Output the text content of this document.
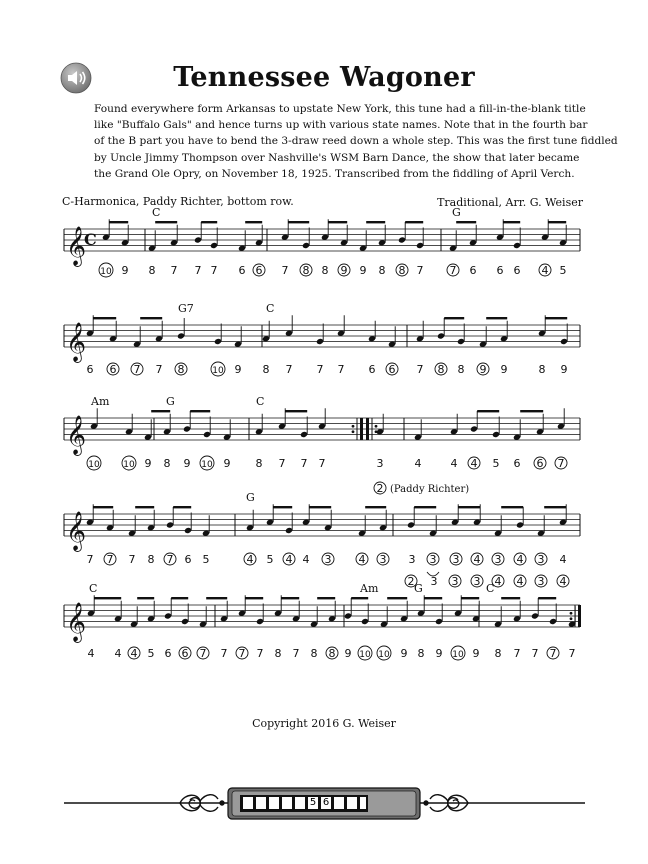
Tennessee Wagoner
Found everywhere form Arkansas to upstate New York, this tune had a fill-in-the-blank title
like "Buffalo Gals" and hence turns up with various state names. Note that in the fourth bar
of the B part you have to bend the 3-draw reed down a whole step. This was the first tune fiddled
by Uncle Jimmy Thompson over Nashville's WSM Barn Dance, the show that later became
the Grand Ole Opry, on November 18, 1925. Transcribed from the fiddling of April Verch.
C-Harmonica, Paddy Richter, bottom row.	Traditional, Arr. G. Weiser
𝄞
C
𝄞
𝄞
𝄞
𝄞
C	G
G7	C
Am	G	C
G
C	Am	G	C
10 9 8 7 7 7 6 6 7 8 8 9 9 8 8 7 7 6 6 6 4 5
6 6 7 7 8	10 9 8 7 7 7 6 6 7 8 8 9 9	8 9
10	10 9 8 9 10 9 8 7 7 7	3	4	4 4 5 6 6 7
7 7 7 8 7 6 5	4 5 4 4 3 4 3 3 3 3 4 3 4 3 4
2 3 3 3 4 4 3 4
4 4 4 5 6 6 7 7 7 7 8 7 8 8 9 10 10 9 8 9 10 9 8 7 7 7 7
2 (Paddy Richter)
Copyright 2016 G. Weiser
5 6
